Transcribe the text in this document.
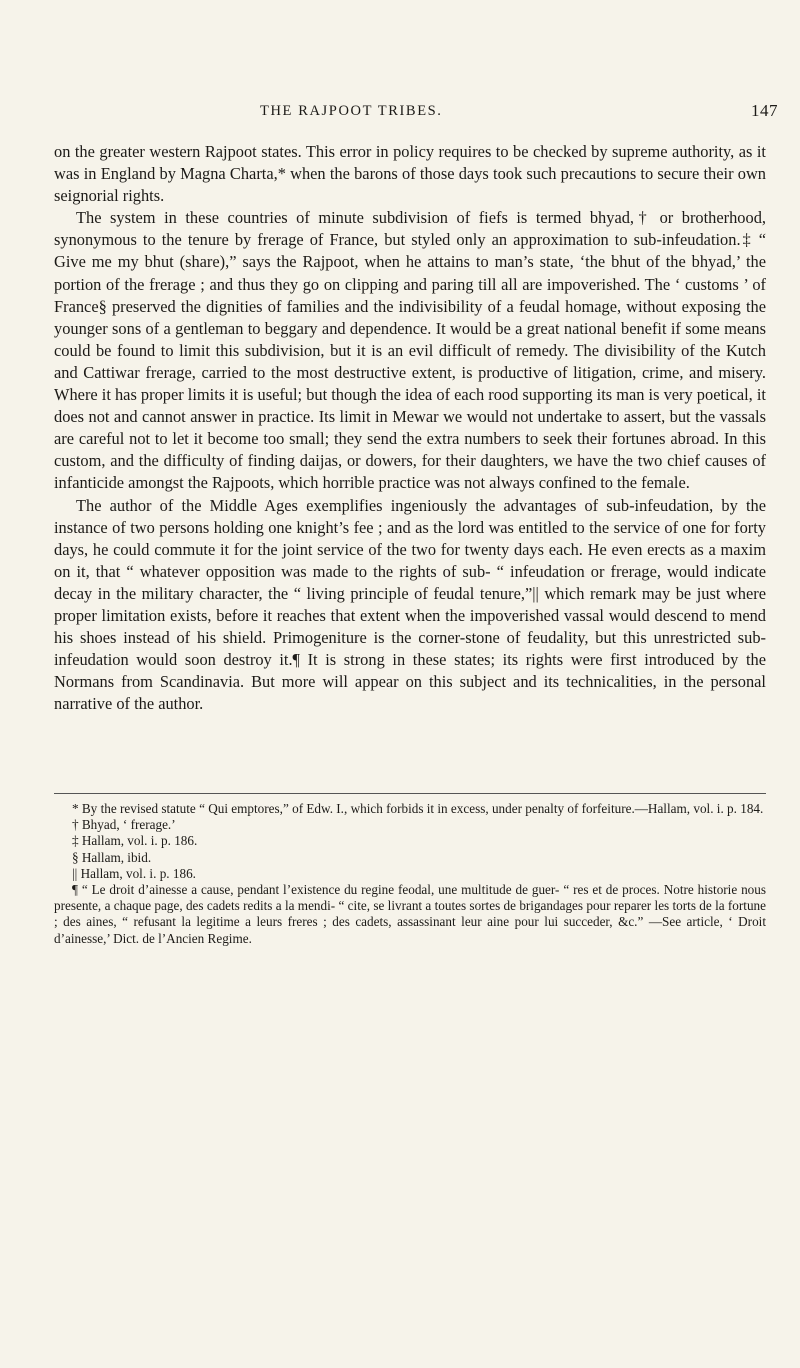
THE RAJPOOT TRIBES.	147

on the greater western Rajpoot states. This error in policy requires to be checked by supreme authority, as it was in England by Magna Charta,* when the barons of those days took such precautions to secure their own seignorial rights.

The system in these countries of minute subdivision of fiefs is termed bhyad,† or brotherhood, synonymous to the tenure by frerage of France, but styled only an approximation to sub-infeudation.‡ “ Give me my bhut (share),” says the Rajpoot, when he attains to man’s state, ‘the bhut of the bhyad,’ the portion of the frerage ; and thus they go on clipping and paring till all are impoverished. The ‘ customs ’ of France§ preserved the dignities of families and the indivisibility of a feudal homage, without exposing the younger sons of a gentleman to beggary and dependence. It would be a great national benefit if some means could be found to limit this subdivision, but it is an evil difficult of remedy. The divisibility of the Kutch and Cattiwar frerage, carried to the most destructive extent, is productive of litigation, crime, and misery. Where it has proper limits it is useful; but though the idea of each rood supporting its man is very poetical, it does not and cannot answer in practice. Its limit in Mewar we would not undertake to assert, but the vassals are careful not to let it become too small; they send the extra numbers to seek their fortunes abroad. In this custom, and the difficulty of finding daijas, or dowers, for their daughters, we have the two chief causes of infanticide amongst the Rajpoots, which horrible practice was not always confined to the female.

The author of the Middle Ages exemplifies ingeniously the advantages of sub-infeudation, by the instance of two persons holding one knight’s fee ; and as the lord was entitled to the service of one for forty days, he could commute it for the joint service of the two for twenty days each. He even erects as a maxim on it, that “ whatever opposition was made to the rights of sub- “ infeudation or frerage, would indicate decay in the military character, the “ living principle of feudal tenure,”|| which remark may be just where proper limitation exists, before it reaches that extent when the impoverished vassal would descend to mend his shoes instead of his shield. Primogeniture is the corner-stone of feudality, but this unrestricted sub-infeudation would soon destroy it.¶ It is strong in these states; its rights were first introduced by the Normans from Scandinavia. But more will appear on this subject and its technicalities, in the personal narrative of the author.

* By the revised statute “ Qui emptores,” of Edw. I., which forbids it in excess, under penalty of forfeiture.—Hallam, vol. i. p. 184.

† Bhyad, ‘ frerage.’

‡ Hallam, vol. i. p. 186.

§ Hallam, ibid.

|| Hallam, vol. i. p. 186.

¶ “ Le droit d’ainesse a cause, pendant l’existence du regine feodal, une multitude de guer- “ res et de proces. Notre historie nous presente, a chaque page, des cadets redits a la mendi- “ cite, se livrant a toutes sortes de brigandages pour reparer les torts de la fortune ; des aines, “ refusant la legitime a leurs freres ; des cadets, assassinant leur aine pour lui succeder, &c.” —See article, ‘ Droit d’ainesse,’ Dict. de l’Ancien Regime.
